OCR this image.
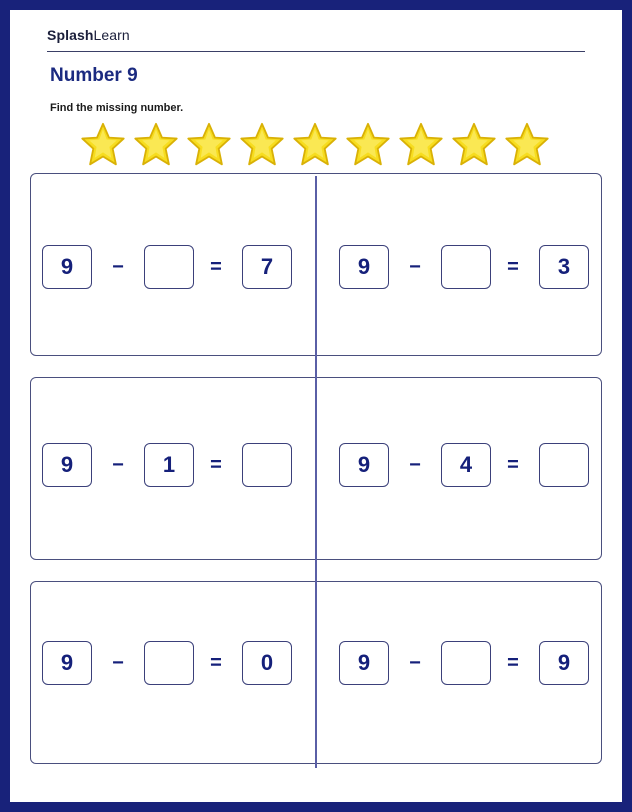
SplashLearn
Number 9
Find the missing number.
9	−	=	7	9	−	=	3
9	−	1	=	9	−	4	=
9	−	=	0	9	−	=	9
